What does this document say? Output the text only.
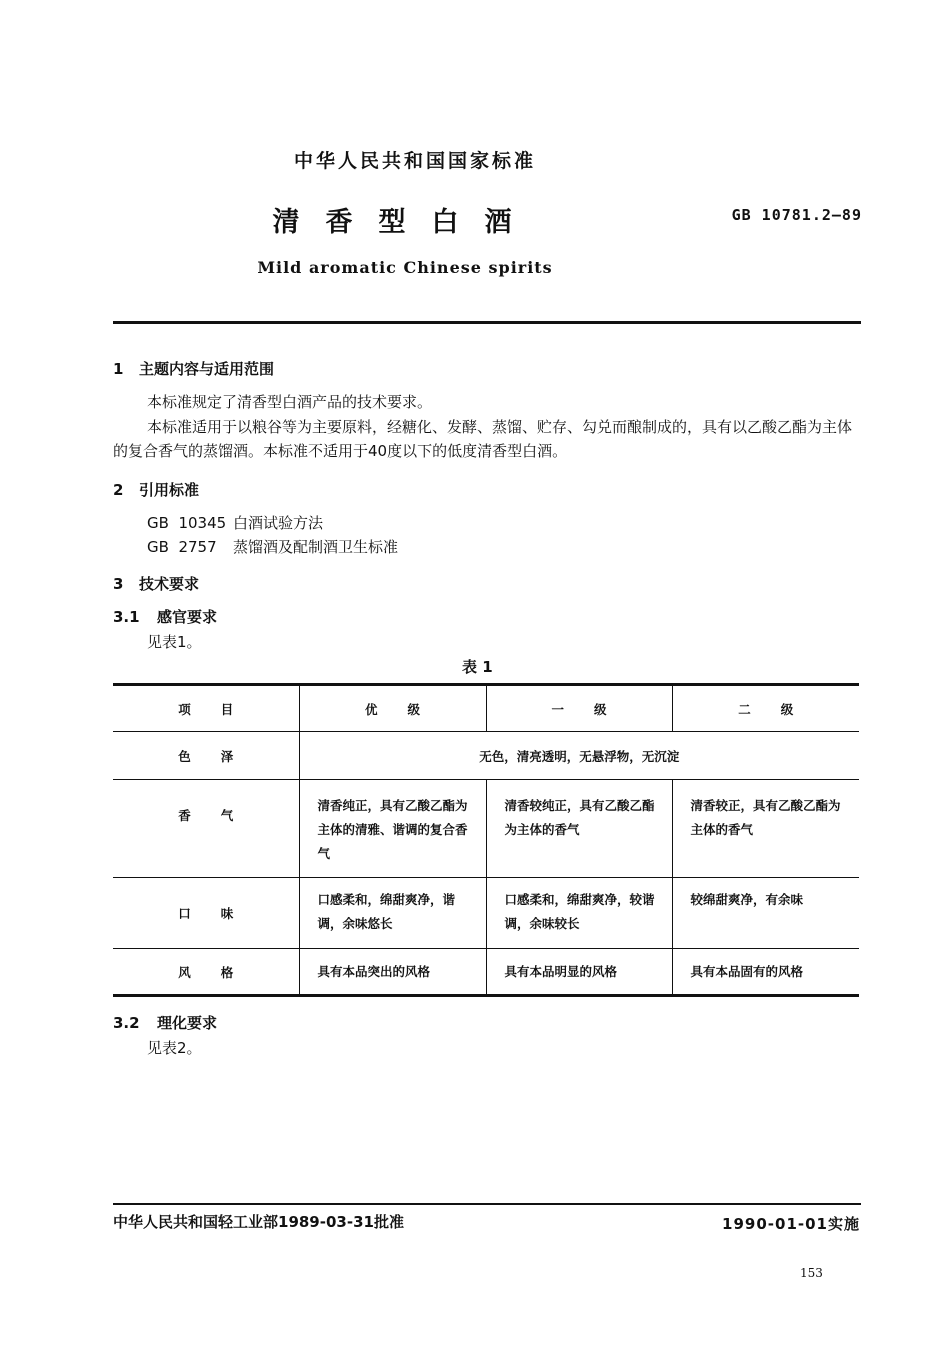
中华人民共和国国家标准
清香型白酒	GB 10781.2—89
Mild aromatic Chinese spirits
1 主题内容与适用范围
本标准规定了清香型白酒产品的技术要求。
本标准适用于以粮谷等为主要原料，经糖化、发酵、蒸馏、贮存、勾兑而酿制成的，具有以乙酸乙酯为主体的复合香气的蒸馏酒。本标准不适用于40度以下的低度清香型白酒。
2 引用标准
GB  10345 白酒试验方法
GB  2757 蒸馏酒及配制酒卫生标准
3 技术要求
3.1 感官要求
见表1。
表 1
项目	优级	一级	二级
色泽	无色，清亮透明，无悬浮物，无沉淀		
香气	清香纯正，具有乙酸乙酯为主体的清雅、谐调的复合香气	清香较纯正，具有乙酸乙酯为主体的香气	清香较正，具有乙酸乙酯为主体的香气
口味	口感柔和，绵甜爽净，谐调，余味悠长	口感柔和，绵甜爽净，较谐调，余味较长	较绵甜爽净，有余味
风格	具有本品突出的风格	具有本品明显的风格	具有本品固有的风格
3.2 理化要求
见表2。
中华人民共和国轻工业部1989-03-31批准	1990-01-01实施
153
